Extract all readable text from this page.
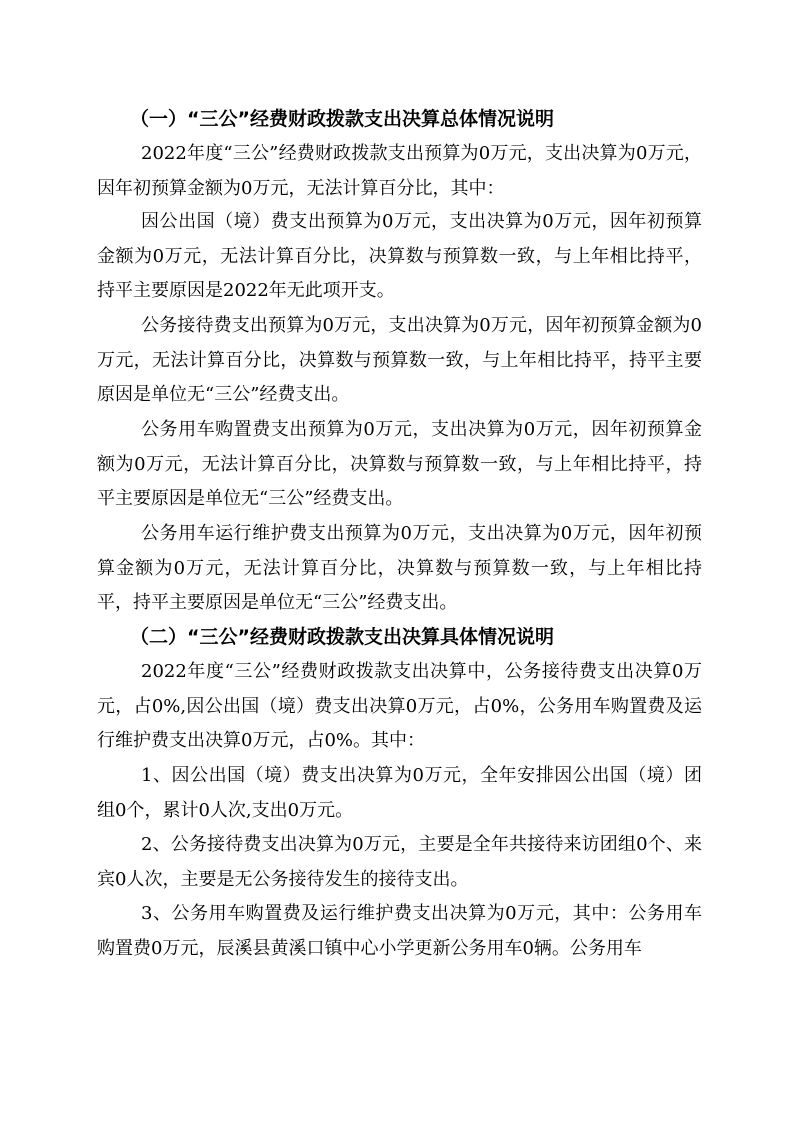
（一）“三公”经费财政拨款支出决算总体情况说明

2022年度“三公”经费财政拨款支出预算为0万元，支出决算为0万元，因年初预算金额为0万元，无法计算百分比，其中：

因公出国（境）费支出预算为0万元，支出决算为0万元，因年初预算金额为0万元，无法计算百分比，决算数与预算数一致，与上年相比持平，持平主要原因是2022年无此项开支。

公务接待费支出预算为0万元，支出决算为0万元，因年初预算金额为0万元，无法计算百分比，决算数与预算数一致，与上年相比持平，持平主要原因是单位无“三公”经费支出。

公务用车购置费支出预算为0万元，支出决算为0万元，因年初预算金额为0万元，无法计算百分比，决算数与预算数一致，与上年相比持平，持平主要原因是单位无“三公”经费支出。

公务用车运行维护费支出预算为0万元，支出决算为0万元，因年初预算金额为0万元，无法计算百分比，决算数与预算数一致，与上年相比持平，持平主要原因是单位无“三公”经费支出。

（二）“三公”经费财政拨款支出决算具体情况说明

2022年度“三公”经费财政拨款支出决算中，公务接待费支出决算0万元，占0%,因公出国（境）费支出决算0万元，占0%，公务用车购置费及运行维护费支出决算0万元，占0%。其中：

1、因公出国（境）费支出决算为0万元，全年安排因公出国（境）团组0个，累计0人次,支出0万元。

2、公务接待费支出决算为0万元，主要是全年共接待来访团组0个、来宾0人次，主要是无公务接待发生的接待支出。

3、公务用车购置费及运行维护费支出决算为0万元，其中：公务用车购置费0万元，辰溪县黄溪口镇中心小学更新公务用车0辆。公务用车
